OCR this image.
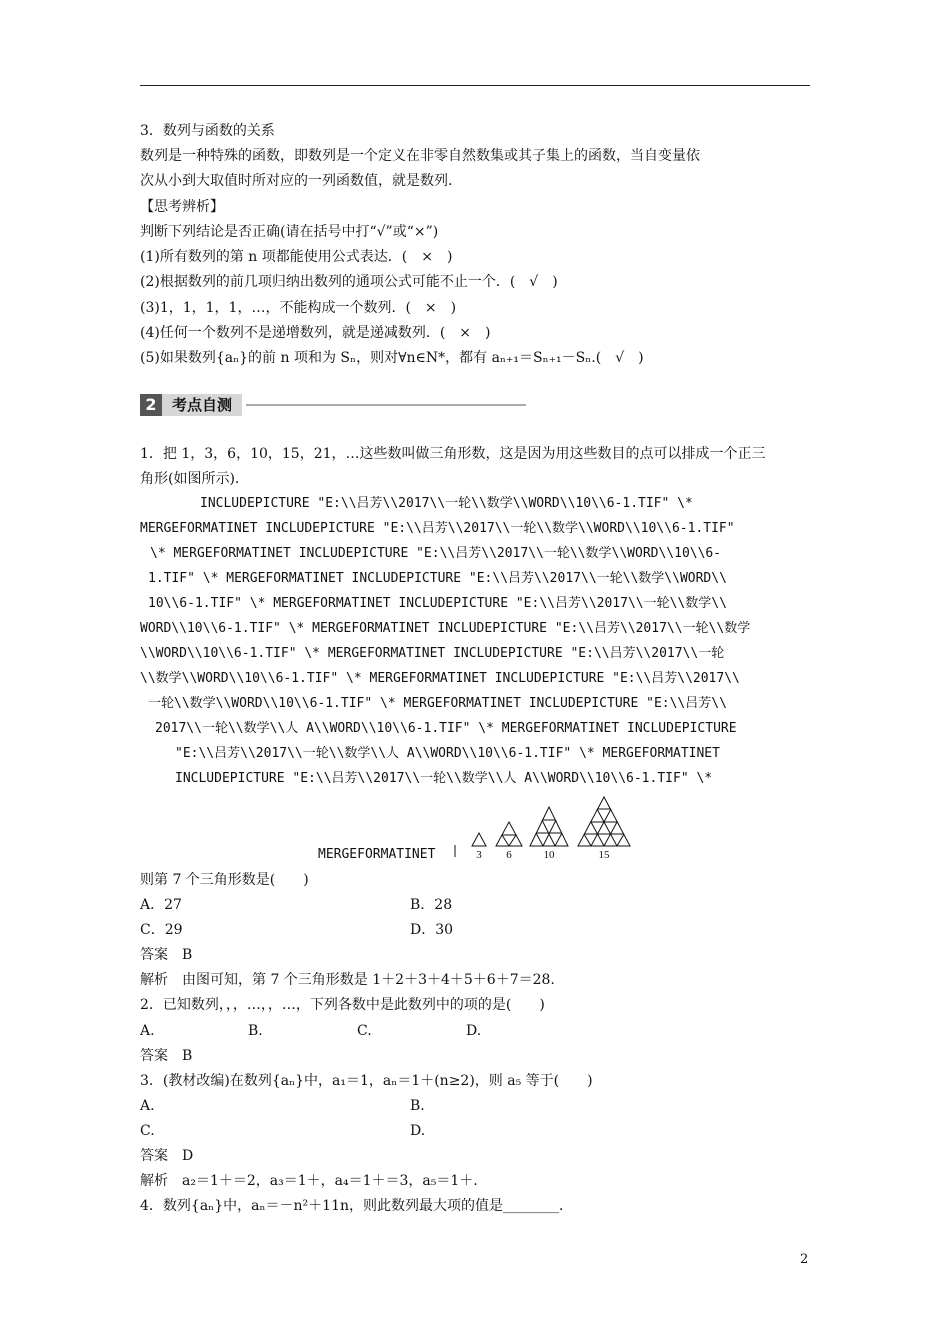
3．数列与函数的关系
数列是一种特殊的函数，即数列是一个定义在非零自然数集或其子集上的函数，当自变量依
次从小到大取值时所对应的一列函数值，就是数列．
【思考辨析】
判断下列结论是否正确(请在括号中打“√”或“×”)
(1)所有数列的第 n 项都能使用公式表达．(　×　)
(2)根据数列的前几项归纳出数列的通项公式可能不止一个．(　√　)
(3)1，1，1，1，…，不能构成一个数列．(　×　)
(4)任何一个数列不是递增数列，就是递减数列．(　×　)
(5)如果数列{aₙ}的前 n 项和为 Sₙ，则对∀n∈N*，都有 aₙ₊₁＝Sₙ₊₁－Sₙ.(　√　)
2	考点自测
1．把 1，3，6，10，15，21，…这些数叫做三角形数，这是因为用这些数目的点可以排成一个正三
角形(如图所示)．
INCLUDEPICTURE "E:\\吕芳\\2017\\一轮\\数学\\WORD\\10\\6-1.TIF" \*
MERGEFORMATINET INCLUDEPICTURE "E:\\吕芳\\2017\\一轮\\数学\\WORD\\10\\6-1.TIF"
\* MERGEFORMATINET INCLUDEPICTURE "E:\\吕芳\\2017\\一轮\\数学\\WORD\\10\\6-
1.TIF" \* MERGEFORMATINET INCLUDEPICTURE "E:\\吕芳\\2017\\一轮\\数学\\WORD\\
10\\6-1.TIF" \* MERGEFORMATINET INCLUDEPICTURE "E:\\吕芳\\2017\\一轮\\数学\\
WORD\\10\\6-1.TIF" \* MERGEFORMATINET INCLUDEPICTURE "E:\\吕芳\\2017\\一轮\\数学
\\WORD\\10\\6-1.TIF" \* MERGEFORMATINET INCLUDEPICTURE "E:\\吕芳\\2017\\一轮
\\数学\\WORD\\10\\6-1.TIF" \* MERGEFORMATINET INCLUDEPICTURE "E:\\吕芳\\2017\\
一轮\\数学\\WORD\\10\\6-1.TIF" \* MERGEFORMATINET INCLUDEPICTURE "E:\\吕芳\\
2017\\一轮\\数学\\人 A\\WORD\\10\\6-1.TIF" \* MERGEFORMATINET INCLUDEPICTURE
"E:\\吕芳\\2017\\一轮\\数学\\人 A\\WORD\\10\\6-1.TIF" \* MERGEFORMATINET
INCLUDEPICTURE "E:\\吕芳\\2017\\一轮\\数学\\人 A\\WORD\\10\\6-1.TIF" \*
MERGEFORMATINET	3 6	10	15
则第 7 个三角形数是(　　)
A．27	B．28
C．29	D．30
答案　B
解析　由图可知，第 7 个三角形数是 1＋2＋3＋4＋5＋6＋7＝28.
2．已知数列，，，…，，…，下列各数中是此数列中的项的是(　　)
A.	B.	C.	D.
答案　B
3．(教材改编)在数列{aₙ}中，a₁＝1，aₙ＝1＋(n≥2)，则 a₅ 等于(　　)
A.	B.
C.	D.
答案　D
解析　a₂＝1＋＝2，a₃＝1＋，a₄＝1＋＝3，a₅＝1＋.
4．数列{aₙ}中，aₙ＝－n²＋11n，则此数列最大项的值是________．
2
